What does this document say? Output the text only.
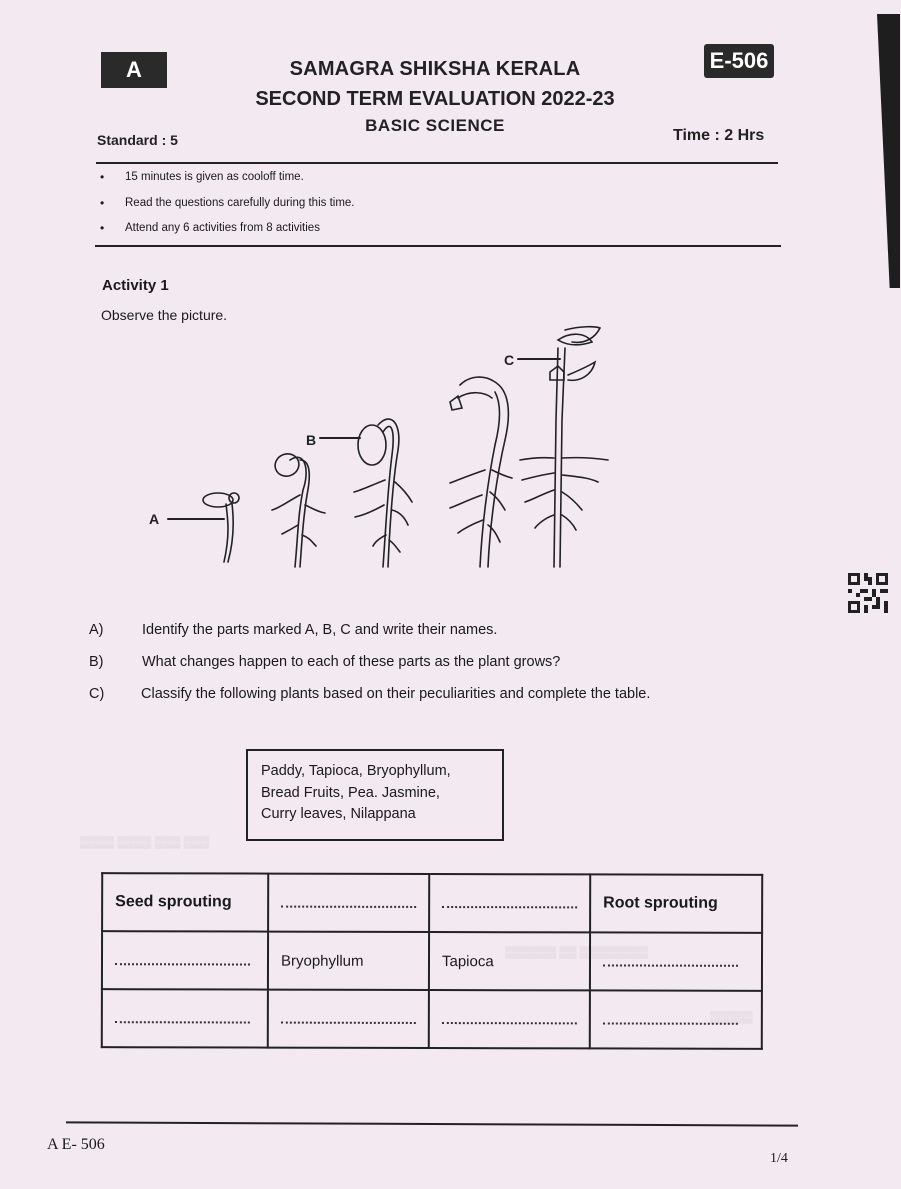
▒▒▒▒ ▒▒▒▒ ▒▒▒ ▒▒▒
▒▒▒▒▒▒ ▒▒ ▒▒▒▒▒▒▒▒
▒▒▒▒▒
A	E-506
SAMAGRA SHIKSHA KERALA
SECOND TERM EVALUATION 2022-23
BASIC SCIENCE
Standard : 5	Time : 2 Hrs
• 15 minutes is given as cooloff time.
• Read the questions carefully during this time.
• Attend any 6 activities from 8 activities
Activity 1
Observe the picture.
A
B
C
A)	Identify the parts marked A, B, C and write their names.
B)	What changes happen to each of these parts as the plant grows?
C)	Classify the following plants based on their peculiarities and complete the table.
Paddy, Tapioca, Bryophyllum,
Bread Fruits, Pea. Jasmine,
Curry leaves, Nilappana
Seed sprouting			Root sprouting
	Bryophyllum	Tapioca	

A E- 506
1/4
